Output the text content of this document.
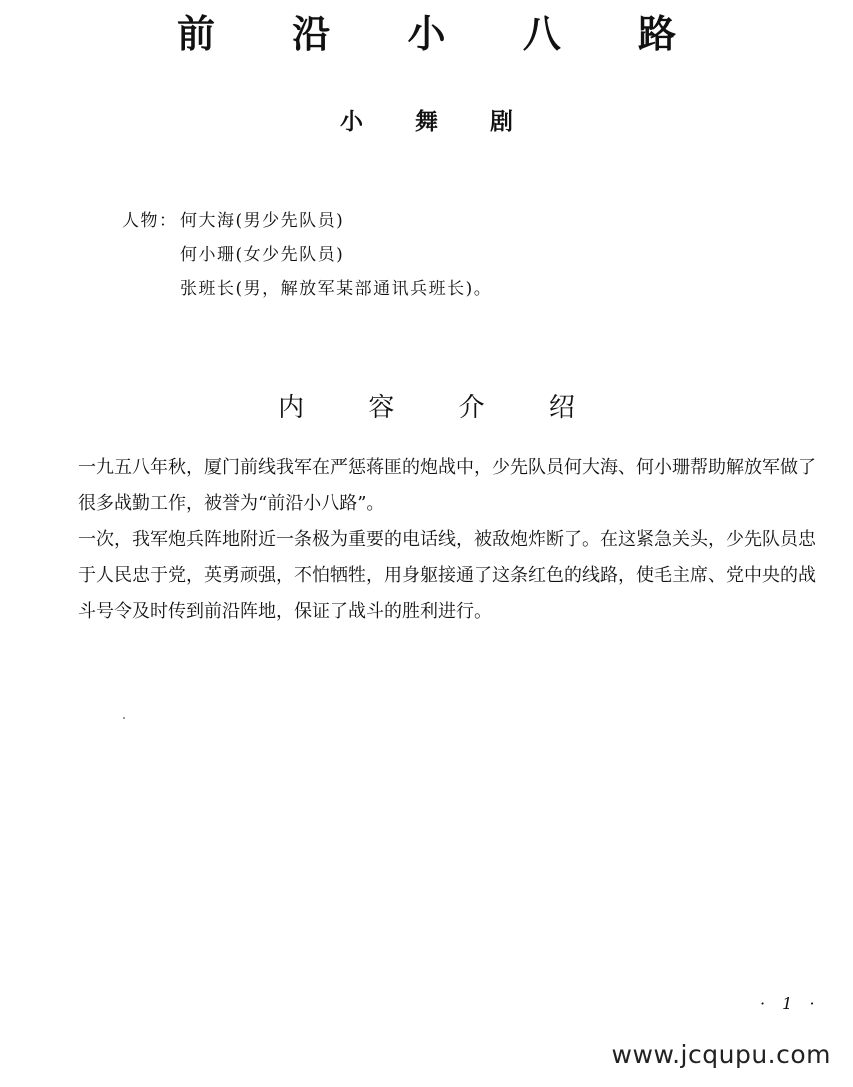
前 沿 小 八 路
小 舞 剧
人物： 何大海(男少先队员)
何小珊(女少先队员)
张班长(男，解放军某部通讯兵班长)。
内 容 介 绍

一九五八年秋，厦门前线我军在严惩蒋匪的炮战中，少先队员何大海、何小珊帮助解放军做了很多战勤工作，被誉为“前沿小八路”。

一次，我军炮兵阵地附近一条极为重要的电话线，被敌炮炸断了。在这紧急关头，少先队员忠于人民忠于党，英勇顽强，不怕牺牲，用身躯接通了这条红色的线路，使毛主席、党中央的战斗号令及时传到前沿阵地，保证了战斗的胜利进行。

· 1 ·
www.jcqupu.com
